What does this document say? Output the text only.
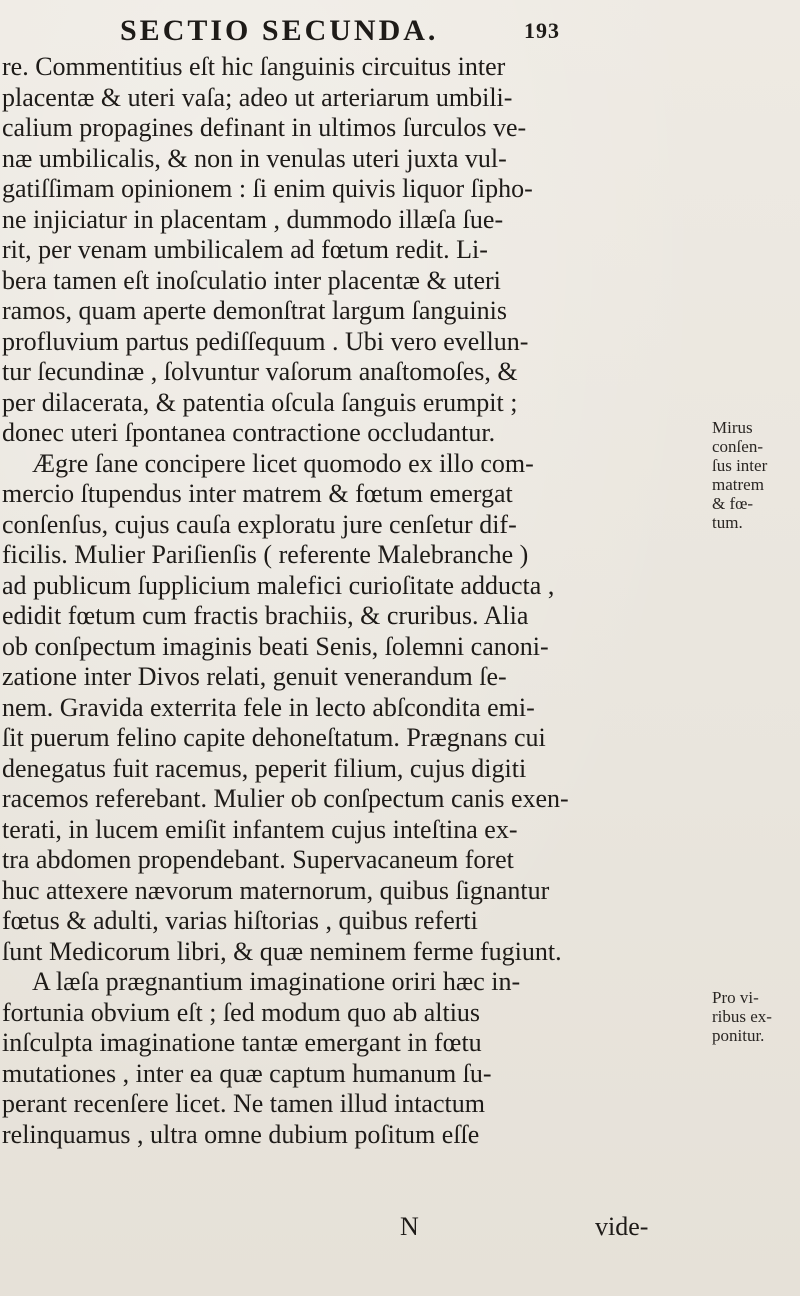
SECTIO SECUNDA.	193
re. Commentitius eſt hic ſanguinis circuitus inter
placentæ & uteri vaſa; adeo ut arteriarum umbili-
calium propagines definant in ultimos ſurculos ve-
næ umbilicalis, & non in venulas uteri juxta vul-
gatiſſimam opinionem : ſi enim quivis liquor ſipho-
ne injiciatur in placentam , dummodo illæſa ſue-
rit, per venam umbilicalem ad fœtum redit. Li-
bera tamen eſt inoſculatio inter placentæ & uteri
ramos, quam aperte demonſtrat largum ſanguinis
profluvium partus pediſſequum . Ubi vero evellun-
tur ſecundinæ , ſolvuntur vaſorum anaſtomoſes, &
per dilacerata, & patentia oſcula ſanguis erumpit ;
donec uteri ſpontanea contractione occludantur.
Ægre ſane concipere licet quomodo ex illo com-
mercio ſtupendus inter matrem & fœtum emergat
conſenſus, cujus cauſa exploratu jure cenſetur dif-
ficilis. Mulier Pariſienſis ( referente Malebranche )
ad publicum ſupplicium malefici curioſitate adducta ,
edidit fœtum cum fractis brachiis, & cruribus. Alia
ob conſpectum imaginis beati Senis, ſolemni canoni-
zatione inter Divos relati, genuit venerandum ſe-
nem. Gravida exterrita fele in lecto abſcondita emi-
ſit puerum felino capite dehoneſtatum. Prægnans cui
denegatus fuit racemus, peperit filium, cujus digiti
racemos referebant. Mulier ob conſpectum canis exen-
terati, in lucem emiſit infantem cujus inteſtina ex-
tra abdomen propendebant. Supervacaneum foret
huc attexere nævorum maternorum, quibus ſignantur
fœtus & adulti, varias hiſtorias , quibus referti
ſunt Medicorum libri, & quæ neminem ferme fugiunt.
A læſa prægnantium imaginatione oriri hæc in-
fortunia obvium eſt ; ſed modum quo ab altius
inſculpta imaginatione tantæ emergant in fœtu
mutationes , inter ea quæ captum humanum ſu-
perant recenſere licet. Ne tamen illud intactum
relinquamus , ultra omne dubium poſitum eſſe
Mirus
conſen-
ſus inter
matrem
& fœ-
tum.
Pro vi-
ribus ex-
ponitur.
N	vide-
